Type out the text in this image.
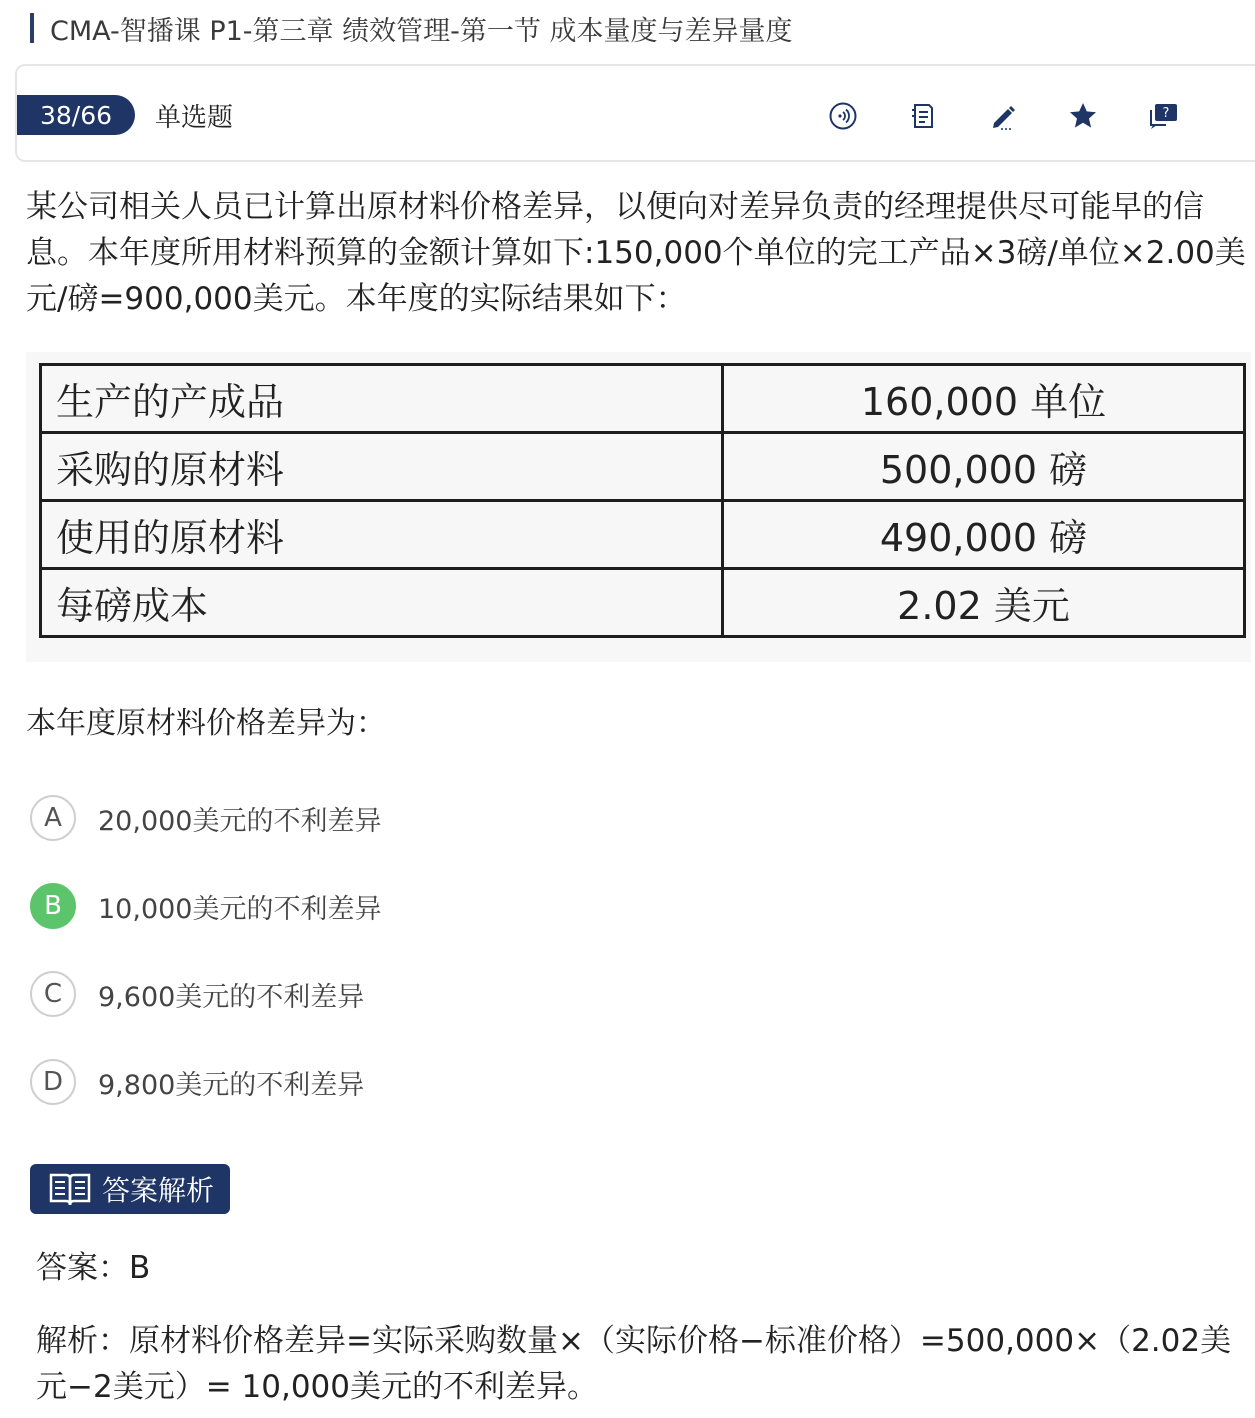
CMA-智播课 P1-第三章 绩效管理-第一节 成本量度与差异量度
38/66	单选题	?

某公司相关人员已计算出原材料价格差异，以便向对差异负责的经理提供尽可能早的信息。本年度所用材料预算的金额计算如下:150,000个单位的完工产品×3磅/单位×2.00美元/磅=900,000美元。本年度的实际结果如下：

生产的产成品	160,000 单位
采购的原材料	500,000 磅
使用的原材料	490,000 磅
每磅成本	2.02 美元
本年度原材料价格差异为：
A	20,000美元的不利差异
B	10,000美元的不利差异
C	9,600美元的不利差异
D	9,800美元的不利差异
答案解析
答案：B

解析：原材料价格差异=实际采购数量×（实际价格−标准价格）=500,000×（2.02美元−2美元）= 10,000美元的不利差异。
